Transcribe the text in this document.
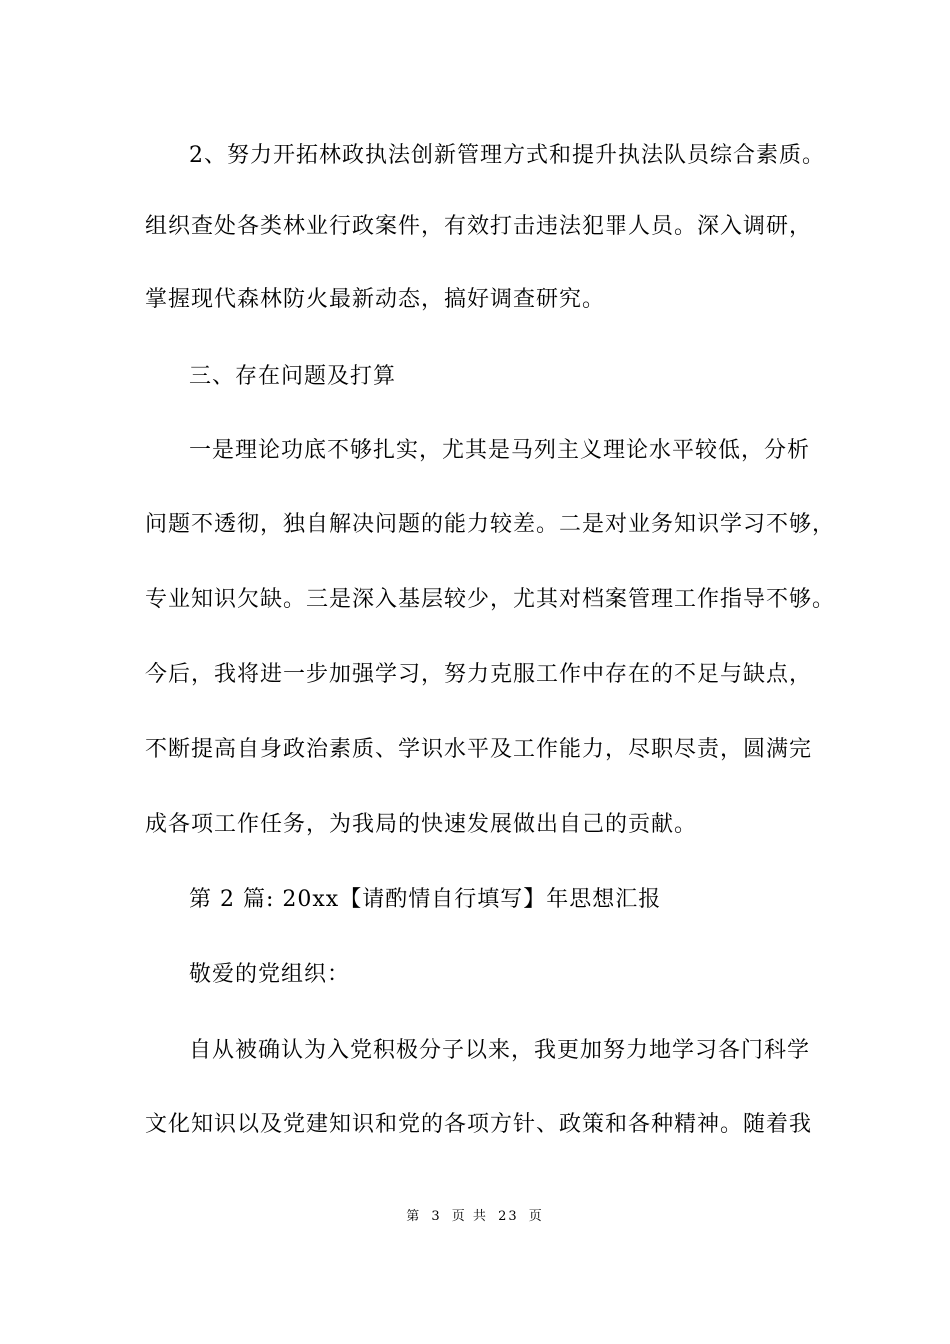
2、努力开拓林政执法创新管理方式和提升执法队员综合素质。
组织查处各类林业行政案件，有效打击违法犯罪人员。深入调研，
掌握现代森林防火最新动态，搞好调查研究。
三、存在问题及打算
一是理论功底不够扎实，尤其是马列主义理论水平较低，分析
问题不透彻，独自解决问题的能力较差。二是对业务知识学习不够，
专业知识欠缺。三是深入基层较少，尤其对档案管理工作指导不够。
今后，我将进一步加强学习，努力克服工作中存在的不足与缺点，
不断提高自身政治素质、学识水平及工作能力，尽职尽责，圆满完
成各项工作任务，为我局的快速发展做出自己的贡献。
第 2 篇: 20xx【请酌情自行填写】年思想汇报
敬爱的党组织：
自从被确认为入党积极分子以来，我更加努力地学习各门科学
文化知识以及党建知识和党的各项方针、政策和各种精神。随着我
第 3 页 共 23 页
